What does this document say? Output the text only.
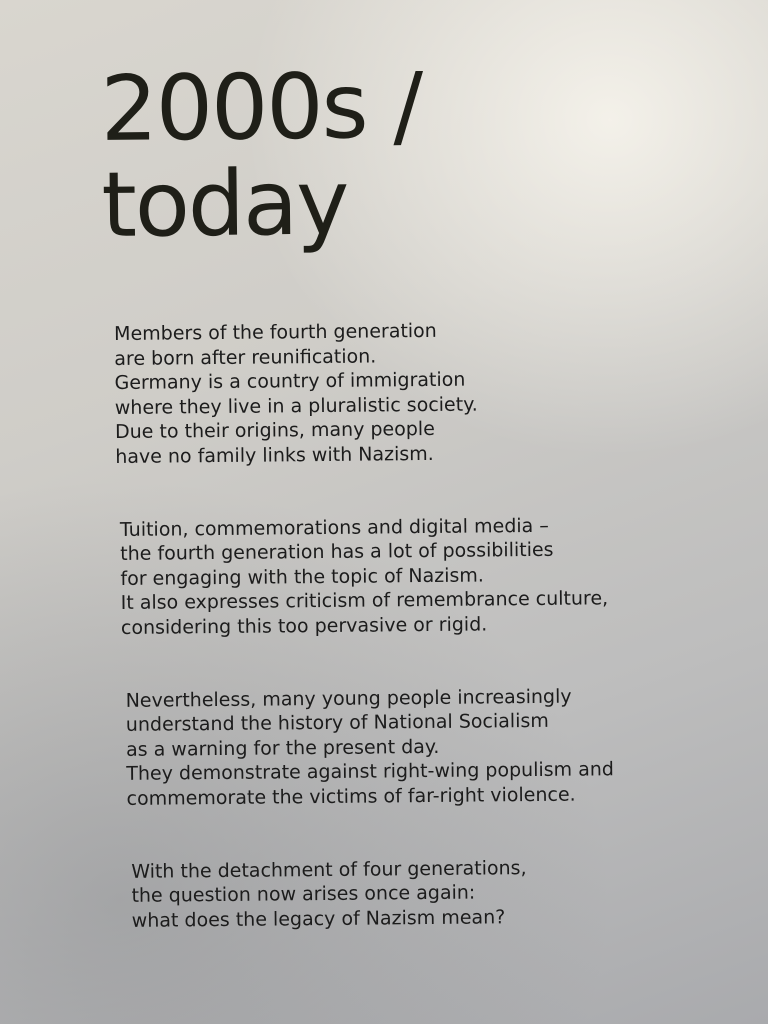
2000s /
today

Members of the fourth generation
are born after reunification.
Germany is a country of immigration
where they live in a pluralistic society.
Due to their origins, many people
have no family links with Nazism.

Tuition, commemorations and digital media –
the fourth generation has a lot of possibilities
for engaging with the topic of Nazism.
It also expresses criticism of remembrance culture,
considering this too pervasive or rigid.

Nevertheless, many young people increasingly
understand the history of National Socialism
as a warning for the present day.
They demonstrate against right-wing populism and
commemorate the victims of far-right violence.

With the detachment of four generations,
the question now arises once again:
what does the legacy of Nazism mean?
